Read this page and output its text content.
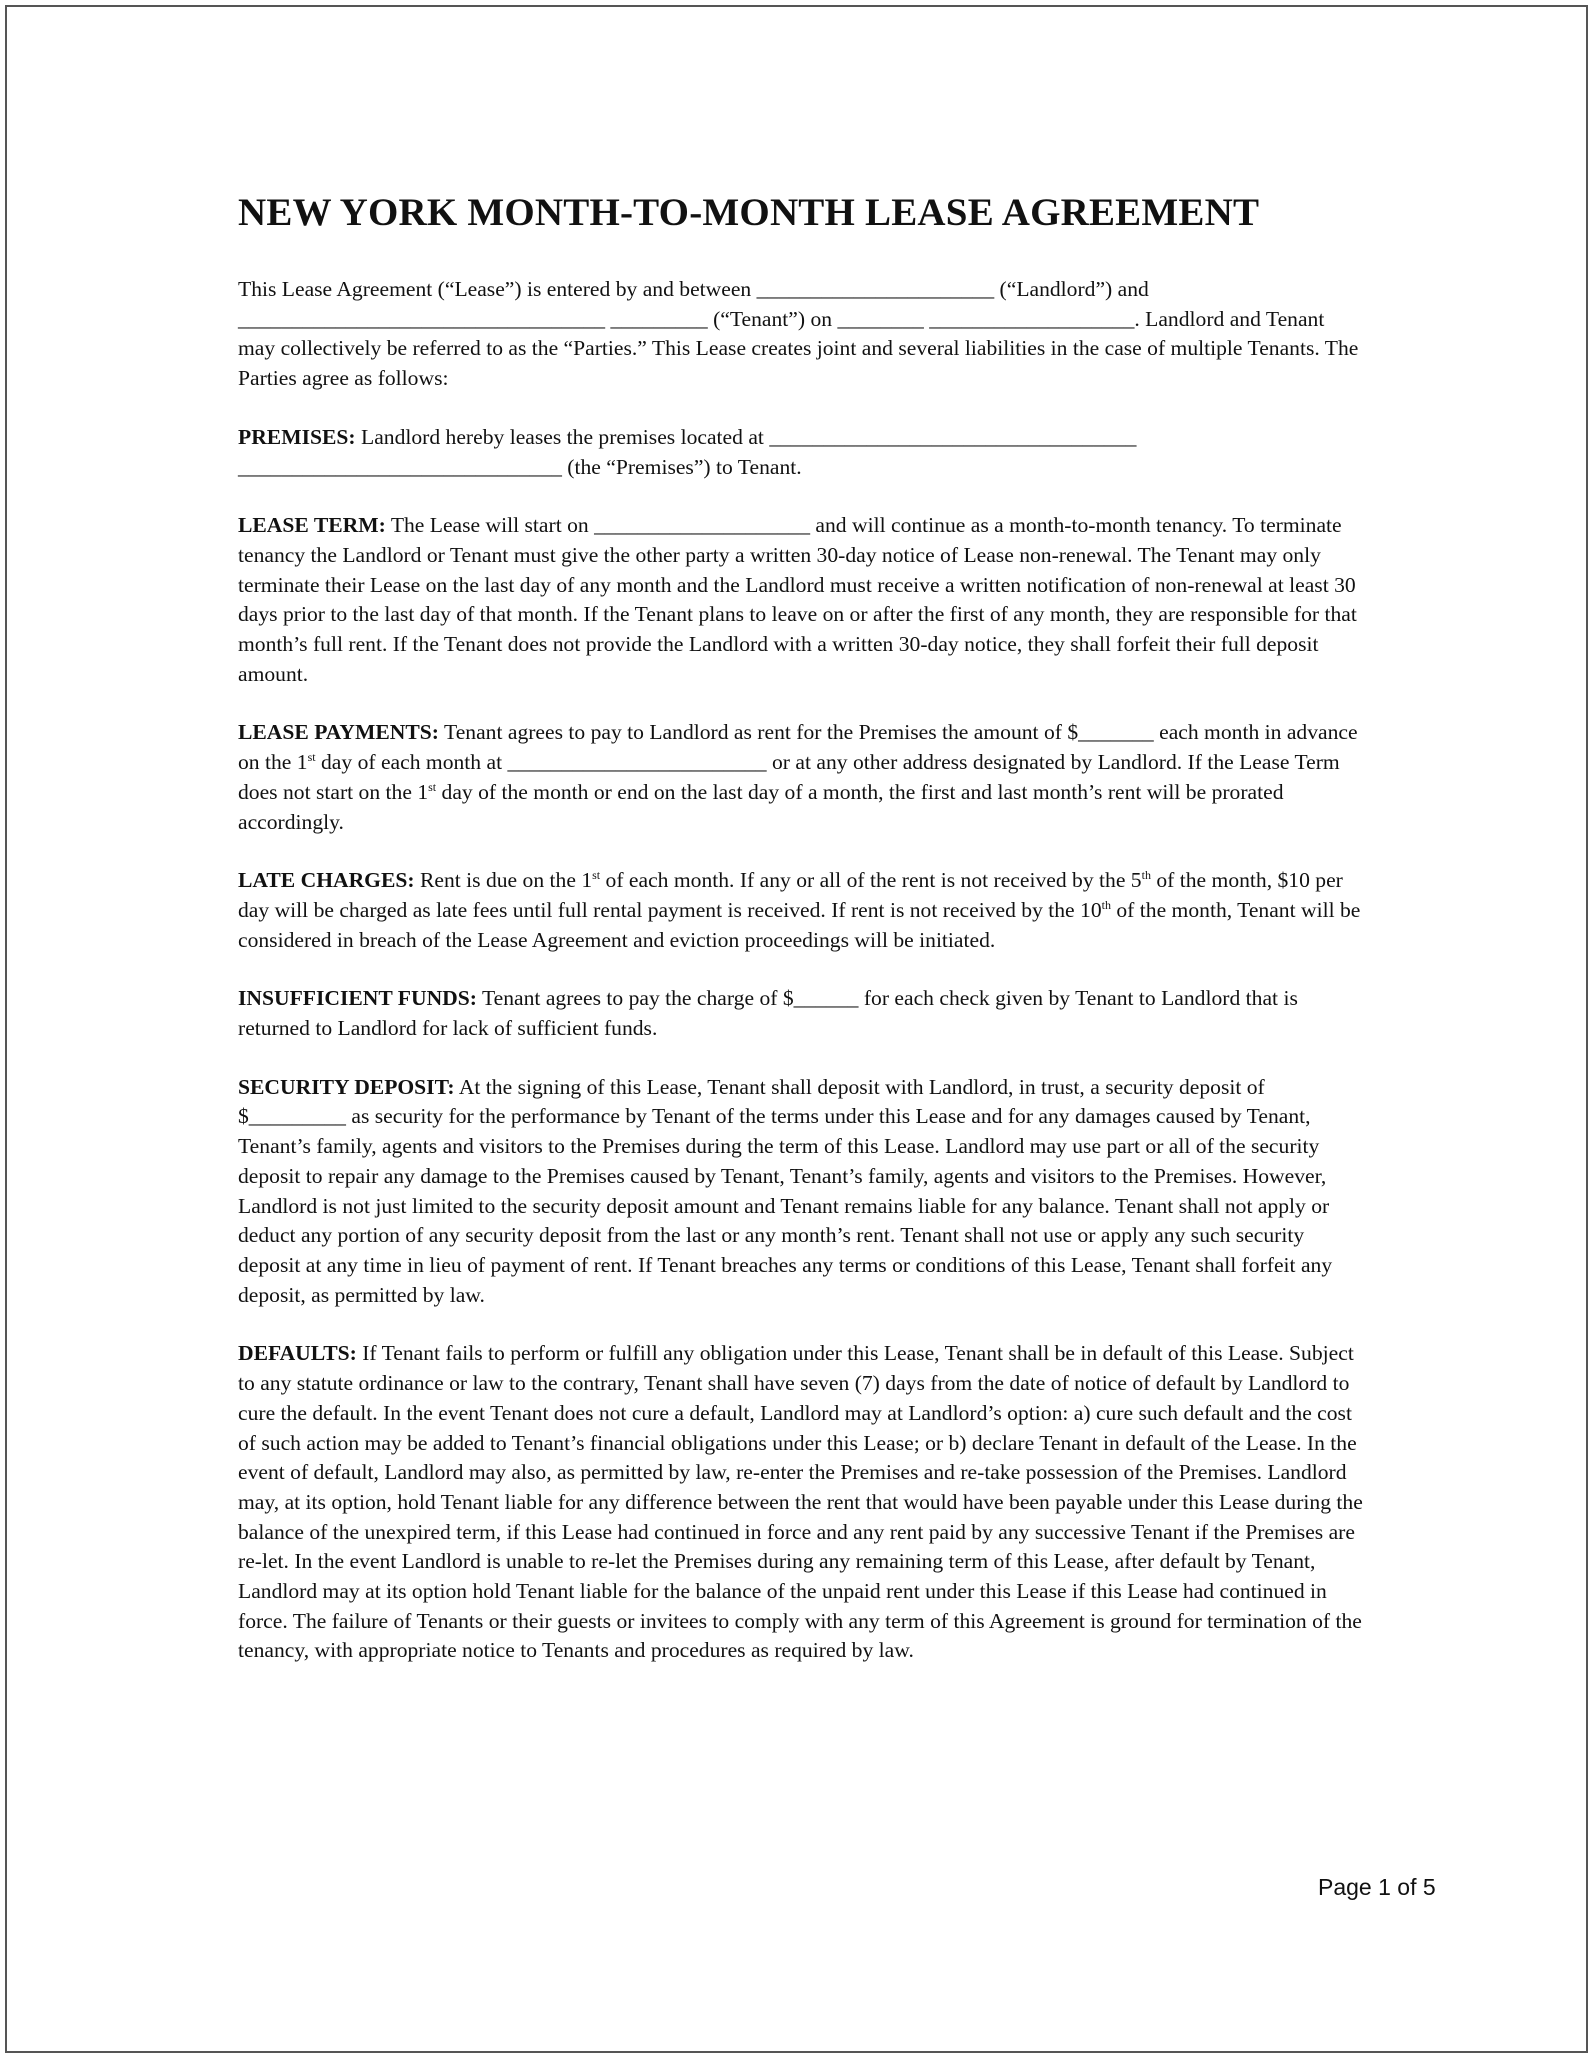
NEW YORK MONTH-TO-MONTH LEASE AGREEMENT

This Lease Agreement (“Lease”) is entered by and between ______________________ (“Landlord”) and __________________________________ _________ (“Tenant”) on ________ ___________________. Landlord and Tenant may collectively be referred to as the “Parties.” This Lease creates joint and several liabilities in the case of multiple Tenants. The Parties agree as follows:

PREMISES: Landlord hereby leases the premises located at __________________________________ ______________________________ (the “Premises”) to Tenant.

LEASE TERM: The Lease will start on ____________________ and will continue as a month-to-month tenancy. To terminate tenancy the Landlord or Tenant must give the other party a written 30-day notice of Lease non-renewal. The Tenant may only terminate their Lease on the last day of any month and the Landlord must receive a written notification of non-renewal at least 30 days prior to the last day of that month. If the Tenant plans to leave on or after the first of any month, they are responsible for that month’s full rent. If the Tenant does not provide the Landlord with a written 30-day notice, they shall forfeit their full deposit amount.

LEASE PAYMENTS: Tenant agrees to pay to Landlord as rent for the Premises the amount of $_______ each month in advance on the 1st day of each month at ________________________ or at any other address designated by Landlord. If the Lease Term does not start on the 1st day of the month or end on the last day of a month, the first and last month’s rent will be prorated accordingly.

LATE CHARGES: Rent is due on the 1st of each month. If any or all of the rent is not received by the 5th of the month, $10 per day will be charged as late fees until full rental payment is received. If rent is not received by the 10th of the month, Tenant will be considered in breach of the Lease Agreement and eviction proceedings will be initiated.

INSUFFICIENT FUNDS: Tenant agrees to pay the charge of $______ for each check given by Tenant to Landlord that is returned to Landlord for lack of sufficient funds.

SECURITY DEPOSIT: At the signing of this Lease, Tenant shall deposit with Landlord, in trust, a security deposit of $_________ as security for the performance by Tenant of the terms under this Lease and for any damages caused by Tenant, Tenant’s family, agents and visitors to the Premises during the term of this Lease. Landlord may use part or all of the security deposit to repair any damage to the Premises caused by Tenant, Tenant’s family, agents and visitors to the Premises. However, Landlord is not just limited to the security deposit amount and Tenant remains liable for any balance. Tenant shall not apply or deduct any portion of any security deposit from the last or any month’s rent. Tenant shall not use or apply any such security deposit at any time in lieu of payment of rent. If Tenant breaches any terms or conditions of this Lease, Tenant shall forfeit any deposit, as permitted by law.

DEFAULTS: If Tenant fails to perform or fulfill any obligation under this Lease, Tenant shall be in default of this Lease. Subject to any statute ordinance or law to the contrary, Tenant shall have seven (7) days from the date of notice of default by Landlord to cure the default. In the event Tenant does not cure a default, Landlord may at Landlord’s option: a) cure such default and the cost of such action may be added to Tenant’s financial obligations under this Lease; or b) declare Tenant in default of the Lease. In the event of default, Landlord may also, as permitted by law, re-enter the Premises and re-take possession of the Premises. Landlord may, at its option, hold Tenant liable for any difference between the rent that would have been payable under this Lease during the balance of the unexpired term, if this Lease had continued in force and any rent paid by any successive Tenant if the Premises are re-let. In the event Landlord is unable to re-let the Premises during any remaining term of this Lease, after default by Tenant, Landlord may at its option hold Tenant liable for the balance of the unpaid rent under this Lease if this Lease had continued in force. The failure of Tenants or their guests or invitees to comply with any term of this Agreement is ground for termination of the tenancy, with appropriate notice to Tenants and procedures as required by law.

Page 1 of 5
